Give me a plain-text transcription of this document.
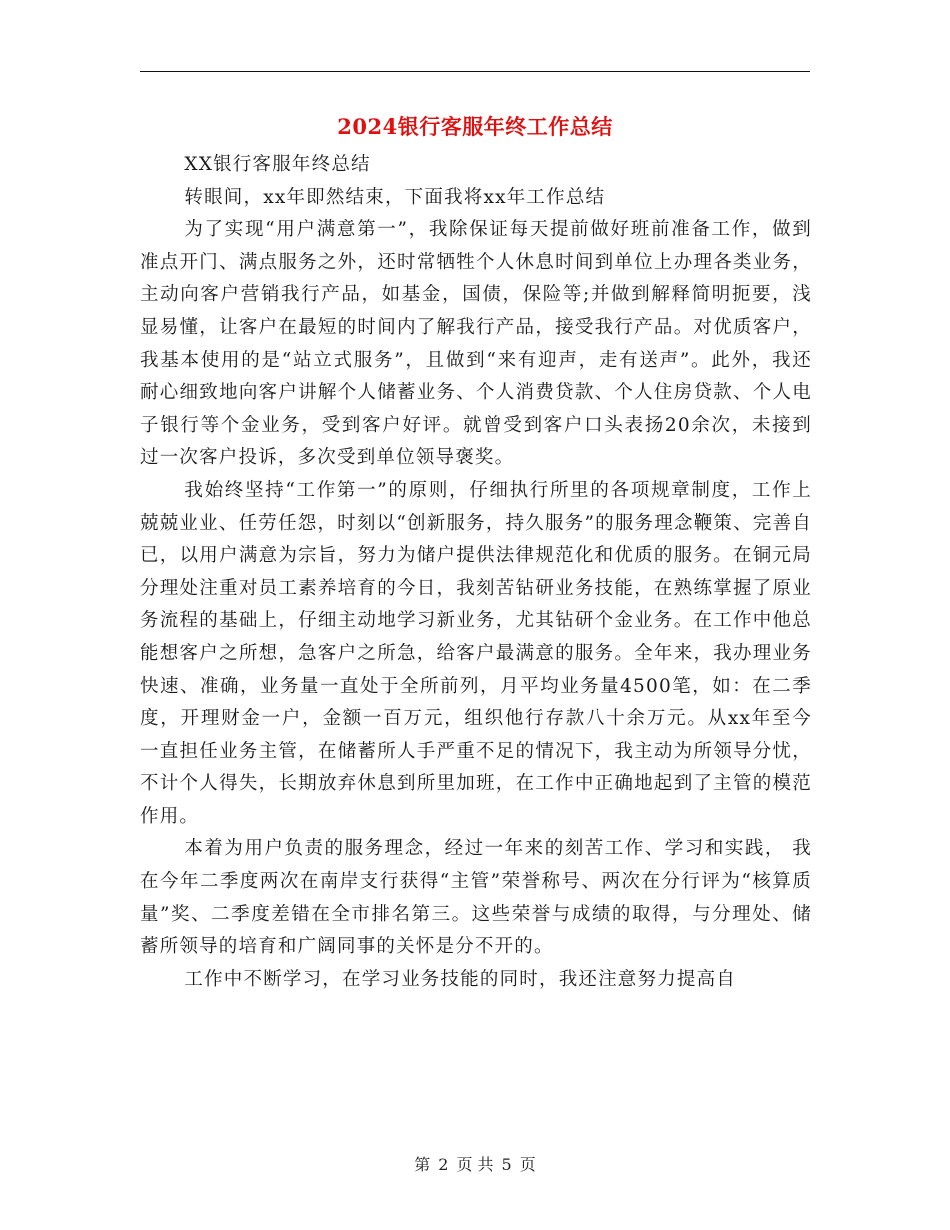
2024银行客服年终工作总结

XX银行客服年终总结

转眼间，xx年即然结束，下面我将xx年工作总结

为了实现“用户满意第一”，我除保证每天提前做好班前准备工作，做到准点开门、满点服务之外，还时常牺牲个人休息时间到单位上办理各类业务，主动向客户营销我行产品，如基金，国债，保险等;并做到解释简明扼要，浅显易懂，让客户在最短的时间内了解我行产品，接受我行产品。对优质客户，我基本使用的是“站立式服务”，且做到“来有迎声，走有送声”。此外，我还耐心细致地向客户讲解个人储蓄业务、个人消费贷款、个人住房贷款、个人电子银行等个金业务，受到客户好评。就曾受到客户口头表扬20余次，未接到过一次客户投诉，多次受到单位领导褒奖。

我始终坚持“工作第一”的原则，仔细执行所里的各项规章制度，工作上兢兢业业、任劳任怨，时刻以“创新服务，持久服务”的服务理念鞭策、完善自已，以用户满意为宗旨，努力为储户提供法律规范化和优质的服务。在铜元局分理处注重对员工素养培育的今日，我刻苦钻研业务技能，在熟练掌握了原业务流程的基础上，仔细主动地学习新业务，尤其钻研个金业务。在工作中他总能想客户之所想，急客户之所急，给客户最满意的服务。全年来，我办理业务快速、准确，业务量一直处于全所前列，月平均业务量4500笔，如：在二季度，开理财金一户，金额一百万元，组织他行存款八十余万元。从xx年至今一直担任业务主管，在储蓄所人手严重不足的情况下，我主动为所领导分忧，不计个人得失，长期放弃休息到所里加班，在工作中正确地起到了主管的模范作用。

本着为用户负责的服务理念，经过一年来的刻苦工作、学习和实践， 我在今年二季度两次在南岸支行获得“主管”荣誉称号、两次在分行评为“核算质量”奖、二季度差错在全市排名第三。这些荣誉与成绩的取得，与分理处、储蓄所领导的培育和广阔同事的关怀是分不开的。

工作中不断学习，在学习业务技能的同时，我还注意努力提高自

第 2 页 共 5 页
